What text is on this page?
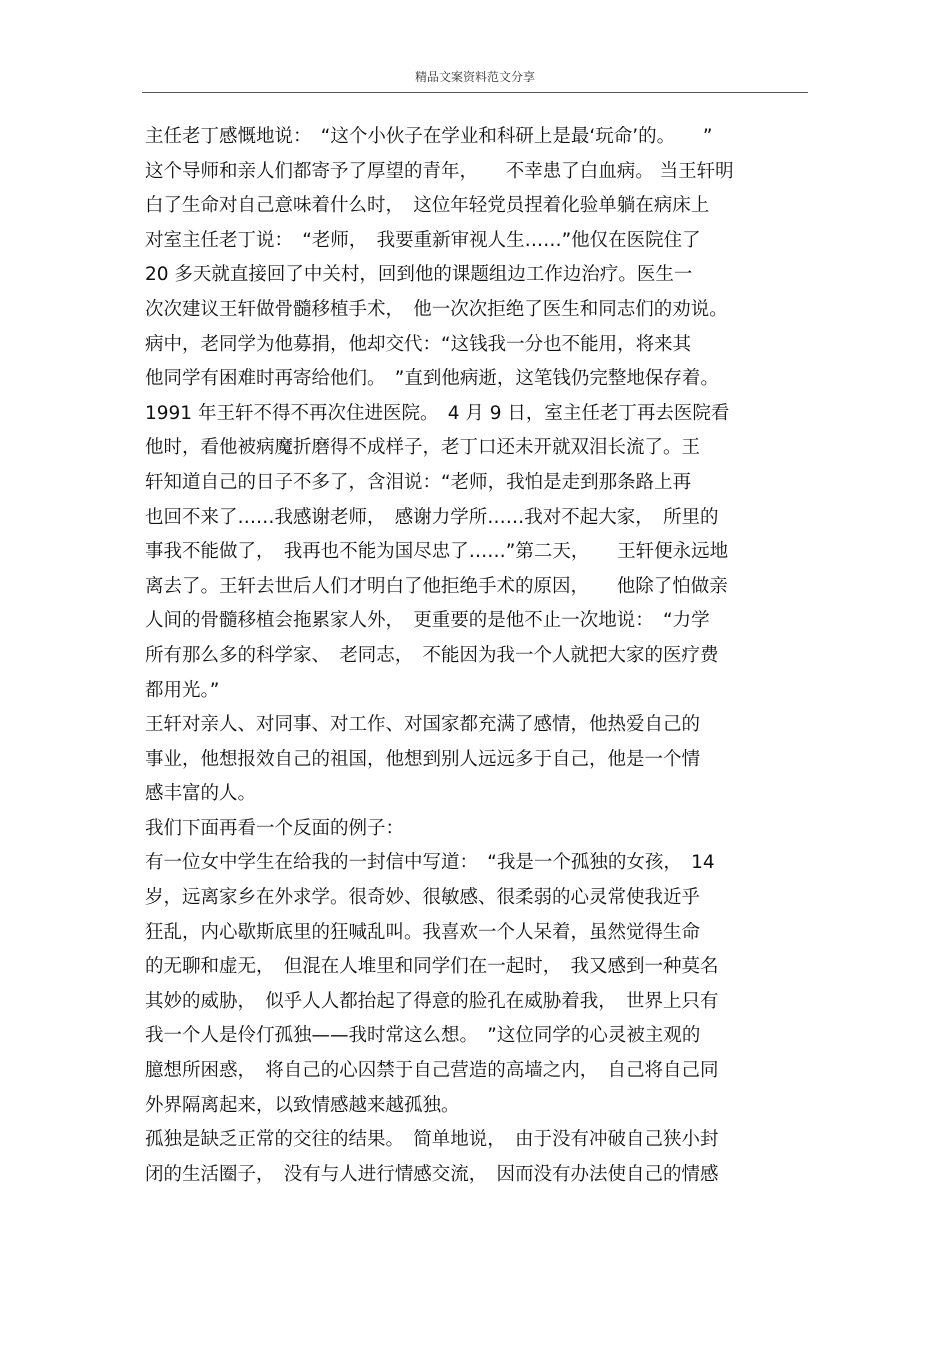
精品文案资料范文分享
主任老丁感慨地说：　“这个小伙子在学业和科研上是最‘玩命’的。　　”
这个导师和亲人们都寄予了厚望的青年，　　不幸患了白血病。 当王轩明
白了生命对自己意味着什么时，　这位年轻党员捏着化验单躺在病床上
对室主任老丁说：　“老师，　我要重新审视人生……”他仅在医院住了
20 多天就直接回了中关村，回到他的课题组边工作边治疗。医生一
次次建议王轩做骨髓移植手术，　他一次次拒绝了医生和同志们的劝说。
病中，老同学为他募捐，他却交代：“这钱我一分也不能用，将来其
他同学有困难时再寄给他们。　”直到他病逝，这笔钱仍完整地保存着。
1991 年王轩不得不再次住进医院。　4 月 9 日，室主任老丁再去医院看
他时，看他被病魔折磨得不成样子，老丁口还未开就双泪长流了。王
轩知道自己的日子不多了，含泪说：“老师，我怕是走到那条路上再
也回不来了……我感谢老师，　感谢力学所……我对不起大家，　所里的
事我不能做了，　我再也不能为国尽忠了……”第二天，　　王轩便永远地
离去了。王轩去世后人们才明白了他拒绝手术的原因，　　他除了怕做亲
人间的骨髓移植会拖累家人外，　更重要的是他不止一次地说：　“力学
所有那么多的科学家、　老同志，　不能因为我一个人就把大家的医疗费
都用光。”
王轩对亲人、对同事、对工作、对国家都充满了感情，他热爱自己的
事业，他想报效自己的祖国，他想到别人远远多于自己，他是一个情
感丰富的人。
我们下面再看一个反面的例子：
有一位女中学生在给我的一封信中写道：　“我是一个孤独的女孩，　14
岁，远离家乡在外求学。很奇妙、很敏感、很柔弱的心灵常使我近乎
狂乱，内心歇斯底里的狂喊乱叫。我喜欢一个人呆着，虽然觉得生命
的无聊和虚无，　但混在人堆里和同学们在一起时，　我又感到一种莫名
其妙的威胁，　似乎人人都抬起了得意的脸孔在威胁着我，　世界上只有
我一个人是伶仃孤独——我时常这么想。　”这位同学的心灵被主观的
臆想所困惑，　将自己的心囚禁于自己营造的高墙之内，　自己将自己同
外界隔离起来，以致情感越来越孤独。
孤独是缺乏正常的交往的结果。　简单地说，　由于没有冲破自己狭小封
闭的生活圈子，　没有与人进行情感交流，　因而没有办法使自己的情感
